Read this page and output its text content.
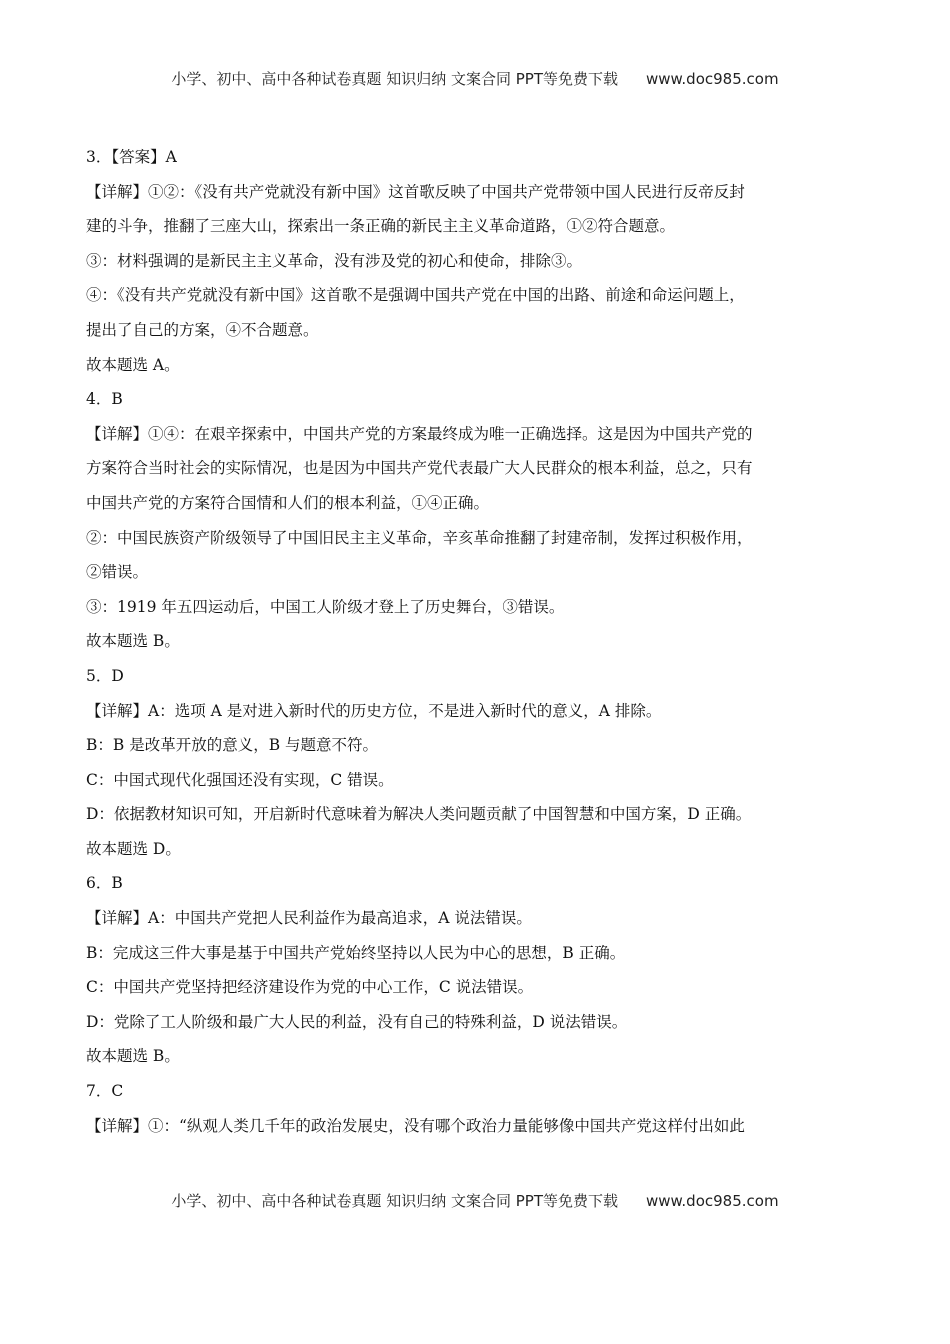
小学、初中、高中各种试卷真题 知识归纳 文案合同 PPT等免费下载 www.doc985.com
3．【答案】A
【详解】①②：《没有共产党就没有新中国》这首歌反映了中国共产党带领中国人民进行反帝反封
建的斗争，推翻了三座大山，探索出一条正确的新民主主义革命道路，①②符合题意。
③：材料强调的是新民主主义革命，没有涉及党的初心和使命，排除③。
④：《没有共产党就没有新中国》这首歌不是强调中国共产党在中国的出路、前途和命运问题上，
提出了自己的方案，④不合题意。
故本题选 A。
4．B
【详解】①④：在艰辛探索中，中国共产党的方案最终成为唯一正确选择。这是因为中国共产党的
方案符合当时社会的实际情况，也是因为中国共产党代表最广大人民群众的根本利益，总之，只有
中国共产党的方案符合国情和人们的根本利益，①④正确。
②：中国民族资产阶级领导了中国旧民主主义革命，辛亥革命推翻了封建帝制，发挥过积极作用，
②错误。
③：1919 年五四运动后，中国工人阶级才登上了历史舞台，③错误。
故本题选 B。
5．D
【详解】A：选项 A 是对进入新时代的历史方位，不是进入新时代的意义，A 排除。
B：B 是改革开放的意义，B 与题意不符。
C：中国式现代化强国还没有实现，C 错误。
D：依据教材知识可知，开启新时代意味着为解决人类问题贡献了中国智慧和中国方案，D 正确。
故本题选 D。
6．B
【详解】A：中国共产党把人民利益作为最高追求，A 说法错误。
B：完成这三件大事是基于中国共产党始终坚持以人民为中心的思想，B 正确。
C：中国共产党坚持把经济建设作为党的中心工作，C 说法错误。
D：党除了工人阶级和最广大人民的利益，没有自己的特殊利益，D 说法错误。
故本题选 B。
7．C
【详解】①：“纵观人类几千年的政治发展史，没有哪个政治力量能够像中国共产党这样付出如此
小学、初中、高中各种试卷真题 知识归纳 文案合同 PPT等免费下载 www.doc985.com
